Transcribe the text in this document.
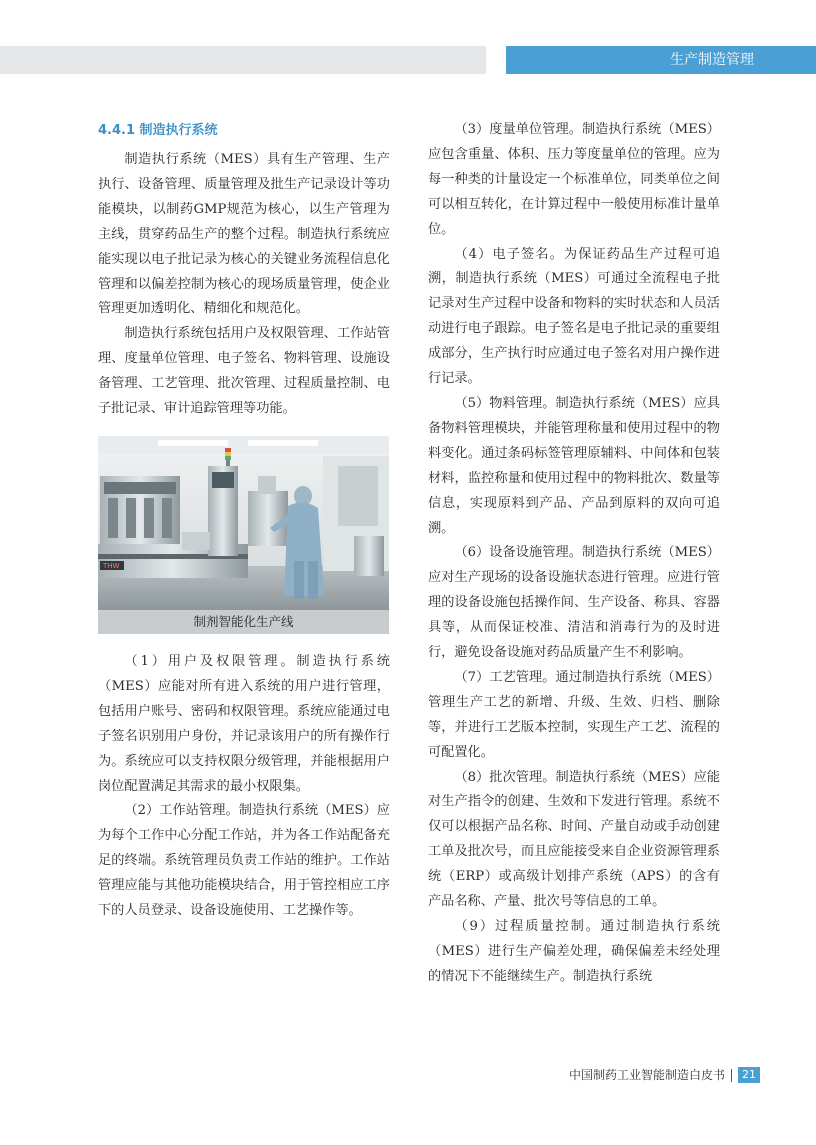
生产制造管理
4.4.1 制造执行系统

制造执行系统（MES）具有生产管理、生产执行、设备管理、质量管理及批生产记录设计等功能模块，以制药GMP规范为核心，以生产管理为主线，贯穿药品生产的整个过程。制造执行系统应能实现以电子批记录为核心的关键业务流程信息化管理和以偏差控制为核心的现场质量管理，使企业管理更加透明化、精细化和规范化。

制造执行系统包括用户及权限管理、工作站管理、度量单位管理、电子签名、物料管理、设施设备管理、工艺管理、批次管理、过程质量控制、电子批记录、审计追踪管理等功能。

THW
制剂智能化生产线

（1）用户及权限管理。制造执行系统（MES）应能对所有进入系统的用户进行管理，包括用户账号、密码和权限管理。系统应能通过电子签名识别用户身份，并记录该用户的所有操作行为。系统应可以支持权限分级管理，并能根据用户岗位配置满足其需求的最小权限集。

（2）工作站管理。制造执行系统（MES）应为每个工作中心分配工作站，并为各工作站配备充足的终端。系统管理员负责工作站的维护。工作站管理应能与其他功能模块结合，用于管控相应工序下的人员登录、设备设施使用、工艺操作等。

（3）度量单位管理。制造执行系统（MES）应包含重量、体积、压力等度量单位的管理。应为每一种类的计量设定一个标准单位，同类单位之间可以相互转化，在计算过程中一般使用标准计量单位。

（4）电子签名。为保证药品生产过程可追溯，制造执行系统（MES）可通过全流程电子批记录对生产过程中设备和物料的实时状态和人员活动进行电子跟踪。电子签名是电子批记录的重要组成部分，生产执行时应通过电子签名对用户操作进行记录。

（5）物料管理。制造执行系统（MES）应具备物料管理模块，并能管理称量和使用过程中的物料变化。通过条码标签管理原辅料、中间体和包装材料，监控称量和使用过程中的物料批次、数量等信息，实现原料到产品、产品到原料的双向可追溯。

（6）设备设施管理。制造执行系统（MES）应对生产现场的设备设施状态进行管理。应进行管理的设备设施包括操作间、生产设备、称具、容器具等，从而保证校准、清洁和消毒行为的及时进行，避免设备设施对药品质量产生不利影响。

（7）工艺管理。通过制造执行系统（MES）管理生产工艺的新增、升级、生效、归档、删除等，并进行工艺版本控制，实现生产工艺、流程的可配置化。

（8）批次管理。制造执行系统（MES）应能对生产指令的创建、生效和下发进行管理。系统不仅可以根据产品名称、时间、产量自动或手动创建工单及批次号，而且应能接受来自企业资源管理系统（ERP）或高级计划排产系统（APS）的含有产品名称、产量、批次号等信息的工单。

（9）过程质量控制。通过制造执行系统（MES）进行生产偏差处理，确保偏差未经处理的情况下不能继续生产。制造执行系统

中国制药工业智能制造白皮书	21
